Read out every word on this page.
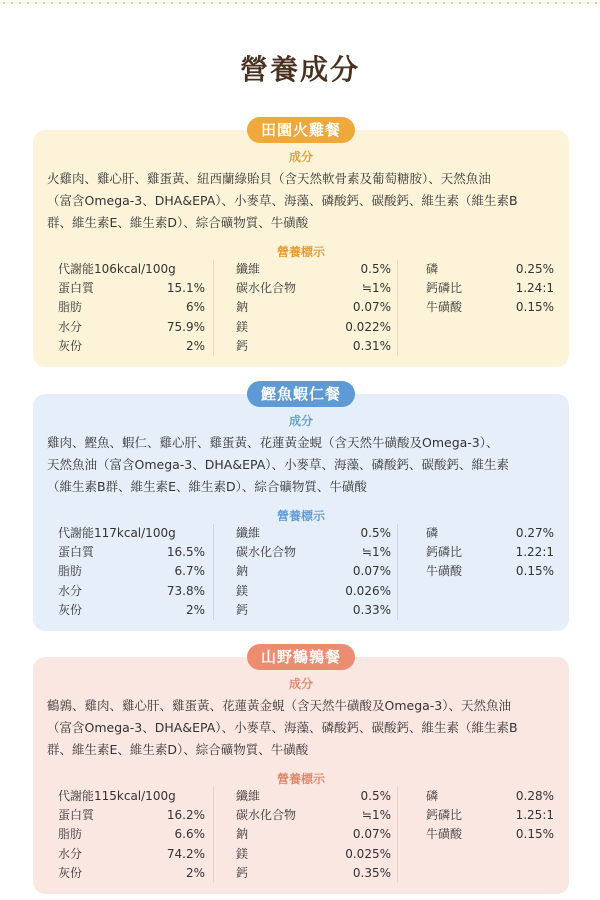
營養成分
田園火雞餐
成分
火雞肉、雞心肝、雞蛋黃、紐西蘭綠貽貝（含天然軟骨素及葡萄糖胺）、天然魚油
（富含Omega-3、DHA&EPA）、小麥草、海藻、磷酸鈣、碳酸鈣、維生素（維生素B
群、維生素E、維生素D）、綜合礦物質、牛磺酸
營養標示
代謝能106kcal/100g
蛋白質	15.1%
脂肪	6%
水分	75.9%
灰份	2%
纖維	0.5%
碳水化合物	≒1%
鈉	0.07%
鎂	0.022%
鈣	0.31%
磷	0.25%
鈣磷比	1.24:1
牛磺酸	0.15%
鰹魚蝦仁餐
成分
雞肉、鰹魚、蝦仁、雞心肝、雞蛋黃、花蓮黃金蜆（含天然牛磺酸及Omega-3）、
天然魚油（富含Omega-3、DHA&EPA）、小麥草、海藻、磷酸鈣、碳酸鈣、維生素
（維生素B群、維生素E、維生素D）、綜合礦物質、牛磺酸
營養標示
代謝能117kcal/100g
蛋白質	16.5%
脂肪	6.7%
水分	73.8%
灰份	2%
纖維	0.5%
碳水化合物	≒1%
鈉	0.07%
鎂	0.026%
鈣	0.33%
磷	0.27%
鈣磷比	1.22:1
牛磺酸	0.15%
山野鶴鶉餐
成分
鶴鶉、雞肉、雞心肝、雞蛋黃、花蓮黃金蜆（含天然牛磺酸及Omega-3）、天然魚油
（富含Omega-3、DHA&EPA）、小麥草、海藻、磷酸鈣、碳酸鈣、維生素（維生素B
群、維生素E、維生素D）、綜合礦物質、牛磺酸
營養標示
代謝能115kcal/100g
蛋白質	16.2%
脂肪	6.6%
水分	74.2%
灰份	2%
纖維	0.5%
碳水化合物	≒1%
鈉	0.07%
鎂	0.025%
鈣	0.35%
磷	0.28%
鈣磷比	1.25:1
牛磺酸	0.15%
